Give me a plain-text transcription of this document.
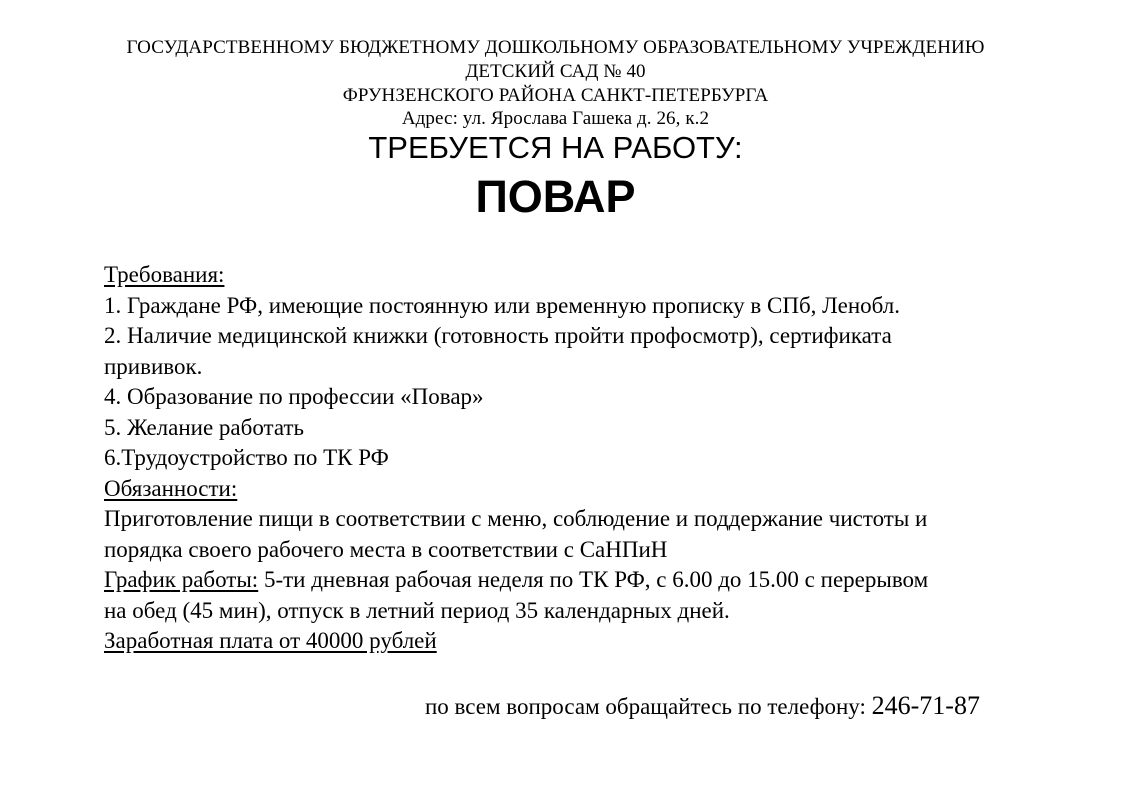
ГОСУДАРСТВЕННОМУ БЮДЖЕТНОМУ ДОШКОЛЬНОМУ ОБРАЗОВАТЕЛЬНОМУ УЧРЕЖДЕНИЮ
ДЕТСКИЙ САД № 40
ФРУНЗЕНСКОГО РАЙОНА САНКТ-ПЕТЕРБУРГА
Адрес: ул. Ярослава Гашека д. 26, к.2
ТРЕБУЕТСЯ НА РАБОТУ:
ПОВАР
Требования:
1. Граждане РФ, имеющие постоянную или временную прописку в СПб, Ленобл.
2. Наличие медицинской книжки (готовность пройти профосмотр), сертификата
прививок.
4. Образование по профессии «Повар»
5. Желание работать
6.Трудоустройство по ТК РФ
Обязанности:
Приготовление пищи в соответствии с меню, соблюдение и поддержание чистоты и
порядка своего рабочего места в соответствии с СаНПиН
График работы: 5-ти дневная рабочая неделя по ТК РФ, с 6.00 до 15.00 с перерывом
на обед (45 мин), отпуск в летний период 35 календарных дней.
Заработная плата от 40000 рублей
по всем вопросам обращайтесь по телефону: 246-71-87
